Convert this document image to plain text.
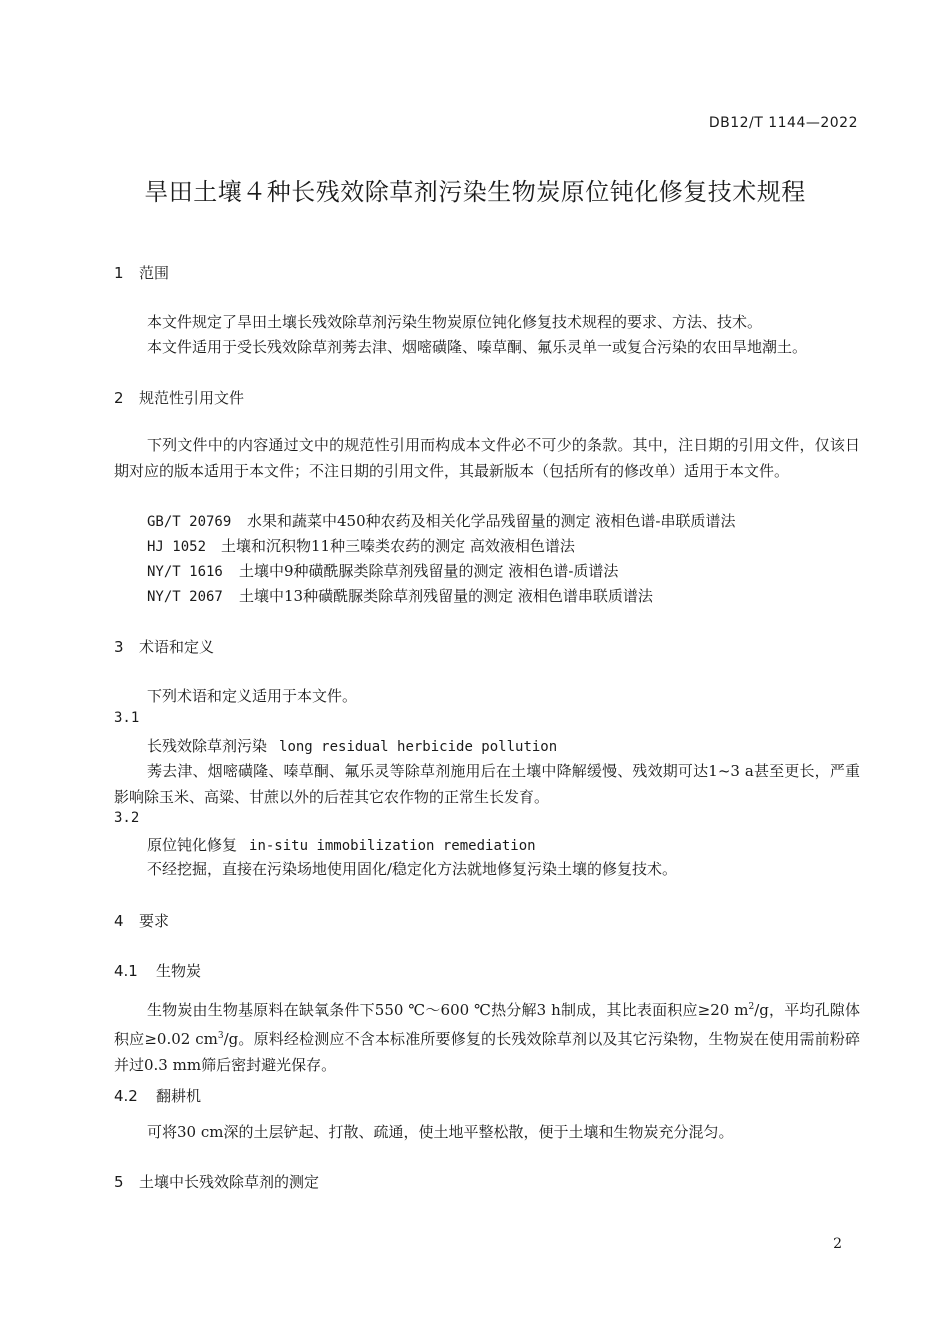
DB12/T 1144—2022
旱田土壤４种长残效除草剂污染生物炭原位钝化修复技术规程
1 范围
本文件规定了旱田土壤长残效除草剂污染生物炭原位钝化修复技术规程的要求、方法、技术。
本文件适用于受长残效除草剂莠去津、烟嘧磺隆、嗪草酮、氟乐灵单一或复合污染的农田旱地潮土。
2 规范性引用文件
下列文件中的内容通过文中的规范性引用而构成本文件必不可少的条款。其中，注日期的引用文件，仅该日期对应的版本适用于本文件；不注日期的引用文件，其最新版本（包括所有的修改单）适用于本文件。
GB/T 20769 水果和蔬菜中450种农药及相关化学品残留量的测定 液相色谱-串联质谱法
HJ 1052 土壤和沉积物11种三嗪类农药的测定 高效液相色谱法
NY/T 1616 土壤中9种磺酰脲类除草剂残留量的测定 液相色谱-质谱法
NY/T 2067 土壤中13种磺酰脲类除草剂残留量的测定 液相色谱串联质谱法
3 术语和定义
下列术语和定义适用于本文件。
3.1
长残效除草剂污染 long residual herbicide pollution
莠去津、烟嘧磺隆、嗪草酮、氟乐灵等除草剂施用后在土壤中降解缓慢、残效期可达1~3 a甚至更长，严重影响除玉米、高粱、甘蔗以外的后茬其它农作物的正常生长发育。
3.2
原位钝化修复 in-situ immobilization remediation
不经挖掘，直接在污染场地使用固化/稳定化方法就地修复污染土壤的修复技术。
4 要求
4.1 生物炭
生物炭由生物基原料在缺氧条件下550 ℃～600 ℃热分解3 h制成，其比表面积应≥20 $m^2/g$，平均孔隙体积应≥0.02 $cm^3/g$。原料经检测应不含本标准所要修复的长残效除草剂以及其它污染物，生物炭在使用需前粉碎并过0.3 mm筛后密封避光保存。
4.2 翻耕机
可将30 cm深的土层铲起、打散、疏通，使土地平整松散，便于土壤和生物炭充分混匀。
5 土壤中长残效除草剂的测定
2
